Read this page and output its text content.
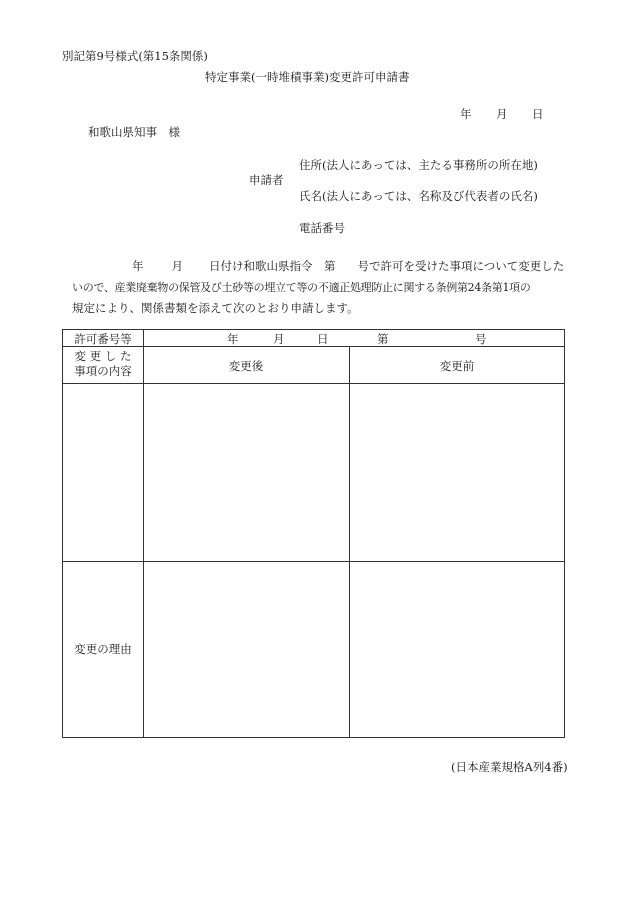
別記第9号様式(第15条関係)
特定事業(一時堆積事業)変更許可申請書
年 月 日
和歌山県知事　様
申請者
住所(法人にあっては、主たる事務所の所在地)
氏名(法人にあっては、名称及び代表者の氏名)
電話番号
年 月 日付け和歌山県指令　第 号で許可を受けた事項について変更した
いので、産業廃棄物の保管及び土砂等の埋立て等の不適正処理防止に関する条例第24条第1項の
規定により、関係書類を添えて次のとおり申請します。
許可番号等	年	月	日	第	号
変 更 し た
事項の内容	変更後	変更前
変更の理由
(日本産業規格A列4番)
